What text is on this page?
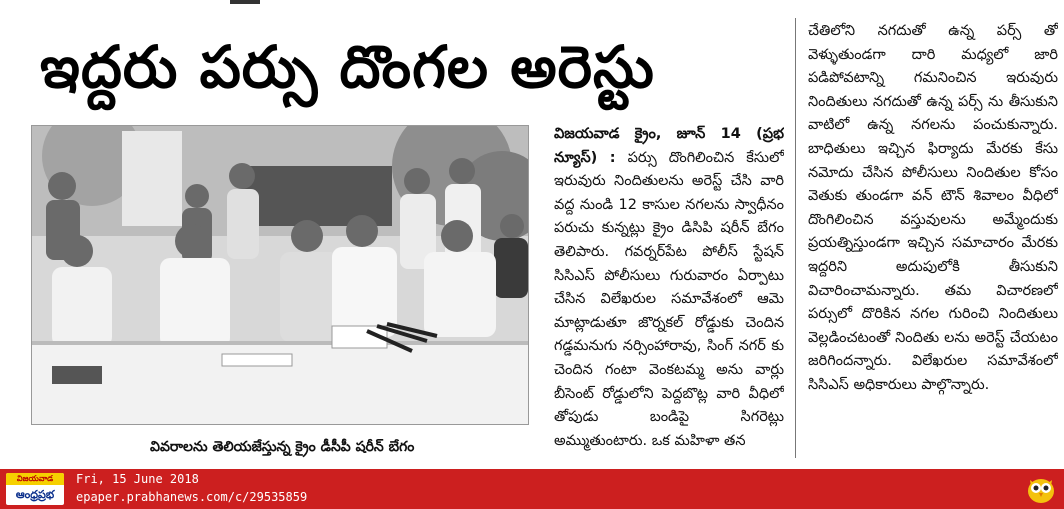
ఇద్దరు పర్సు దొంగల అరెస్టు
వివరాలను తెలియజేస్తున్న క్రైం డీసీపీ షరీన్ బేగం

విజయవాడ క్రైం, జూన్ 14 (ప్రభ న్యూస్) : పర్సు దొంగిలించిన కేసులో ఇరువురు నిందితులను అరెస్ట్ చేసి వారి వద్ద నుండి 12 కాసుల నగలను స్వాధీనం పరుచు కున్నట్లు క్రైం డిసిపి షరీన్ బేగం తెలిపారు. గవర్నర్‌పేట పోలీస్ స్టేషన్ సిసిఎస్ పోలీసులు గురువారం ఏర్పాటు చేసిన విలేఖరుల సమావేశంలో ఆమె మాట్లాడుతూ జొర్నకల్ రోడ్డుకు చెందిన గడ్డమనుగు నర్సింహారావు, సింగ్ నగర్ కు చెందిన గంటా వెంకటమ్మ అను వార్లు బీసెంట్ రోడ్డులోని పెద్దబొట్ల వారి వీధిలో తోపుడు బండిపై సిగరెట్లు అమ్ముతుంటారు. ఒక మహిళా తన

చేతిలోని నగదుతో ఉన్న పర్స్ తో వెళ్ళుతుండగా దారి మధ్యలో జారి పడిపోవటాన్ని గమనించిన ఇరువురు నిందితులు నగదుతో ఉన్న పర్స్ ను తీసుకుని వాటిలో ఉన్న నగలను పంచుకున్నారు. బాధితులు ఇచ్చిన ఫిర్యాదు మేరకు కేసు నమోదు చేసిన పోలీసులు నిందితుల కోసం వెతుకు తుండగా వన్ టౌన్ శివాలం వీధిలో దొంగిలించిన వస్తువులను అమ్మేందుకు ప్రయత్నిస్తుండగా ఇచ్చిన సమాచారం మేరకు ఇద్దరిని అదుపులోకి తీసుకుని విచారించామన్నారు. తమ విచారణలో పర్సులో దొరికిన నగల గురించి నిందితులు వెల్లడించటంతో నిందితు లను అరెస్ట్ చేయటం జరిగిందన్నారు. విలేఖరుల సమావేశంలో సిసిఎస్ అధికారులు పాల్గొన్నారు.

విజయవాడ
ఆంధ్రప్రభ
Fri, 15 June 2018
epaper.prabhanews.com/c/29535859
